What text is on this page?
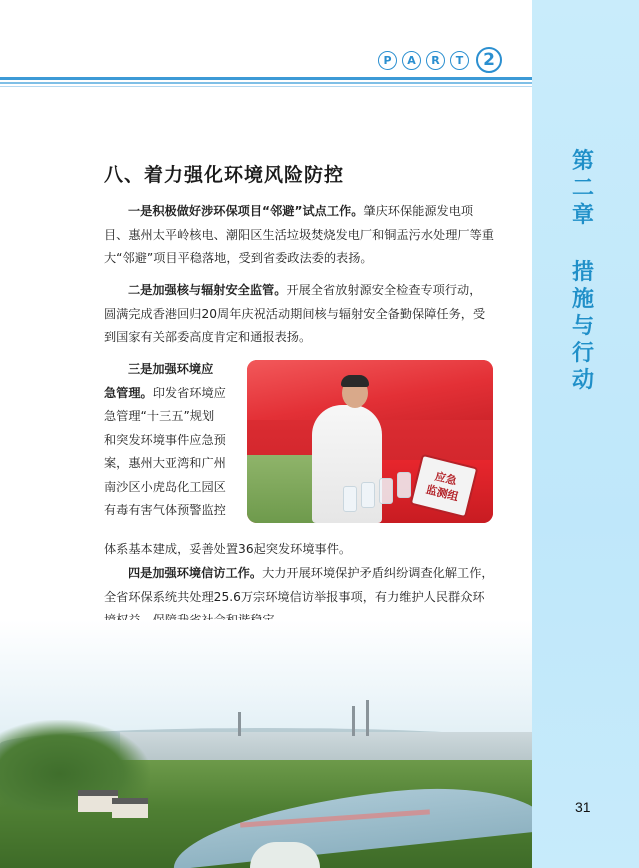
第
二
章
措
施
与
行
动
P	A	R	T	2
八、着力强化环境风险防控
一是积极做好涉环保项目“邻避”试点工作。肇庆环保能源发电项
目、惠州太平岭核电、潮阳区生活垃圾焚烧发电厂和铜盂污水处理厂等重
大“邻避”项目平稳落地，受到省委政法委的表扬。
二是加强核与辐射安全监管。开展全省放射源安全检查专项行动，
圆满完成香港回归20周年庆祝活动期间核与辐射安全备勤保障任务，受
到国家有关部委高度肯定和通报表扬。
三是加强环境应
急管理。印发省环境应
急管理“十三五”规划
和突发环境事件应急预
案，惠州大亚湾和广州
南沙区小虎岛化工园区
有毒有害气体预警监控
体系基本建成，妥善处置36起突发环境事件。
应急
监测组
四是加强环境信访工作。大力开展环境保护矛盾纠纷调查化解工作，
全省环保系统共处理25.6万宗环境信访举报事项，有力维护人民群众环
31
